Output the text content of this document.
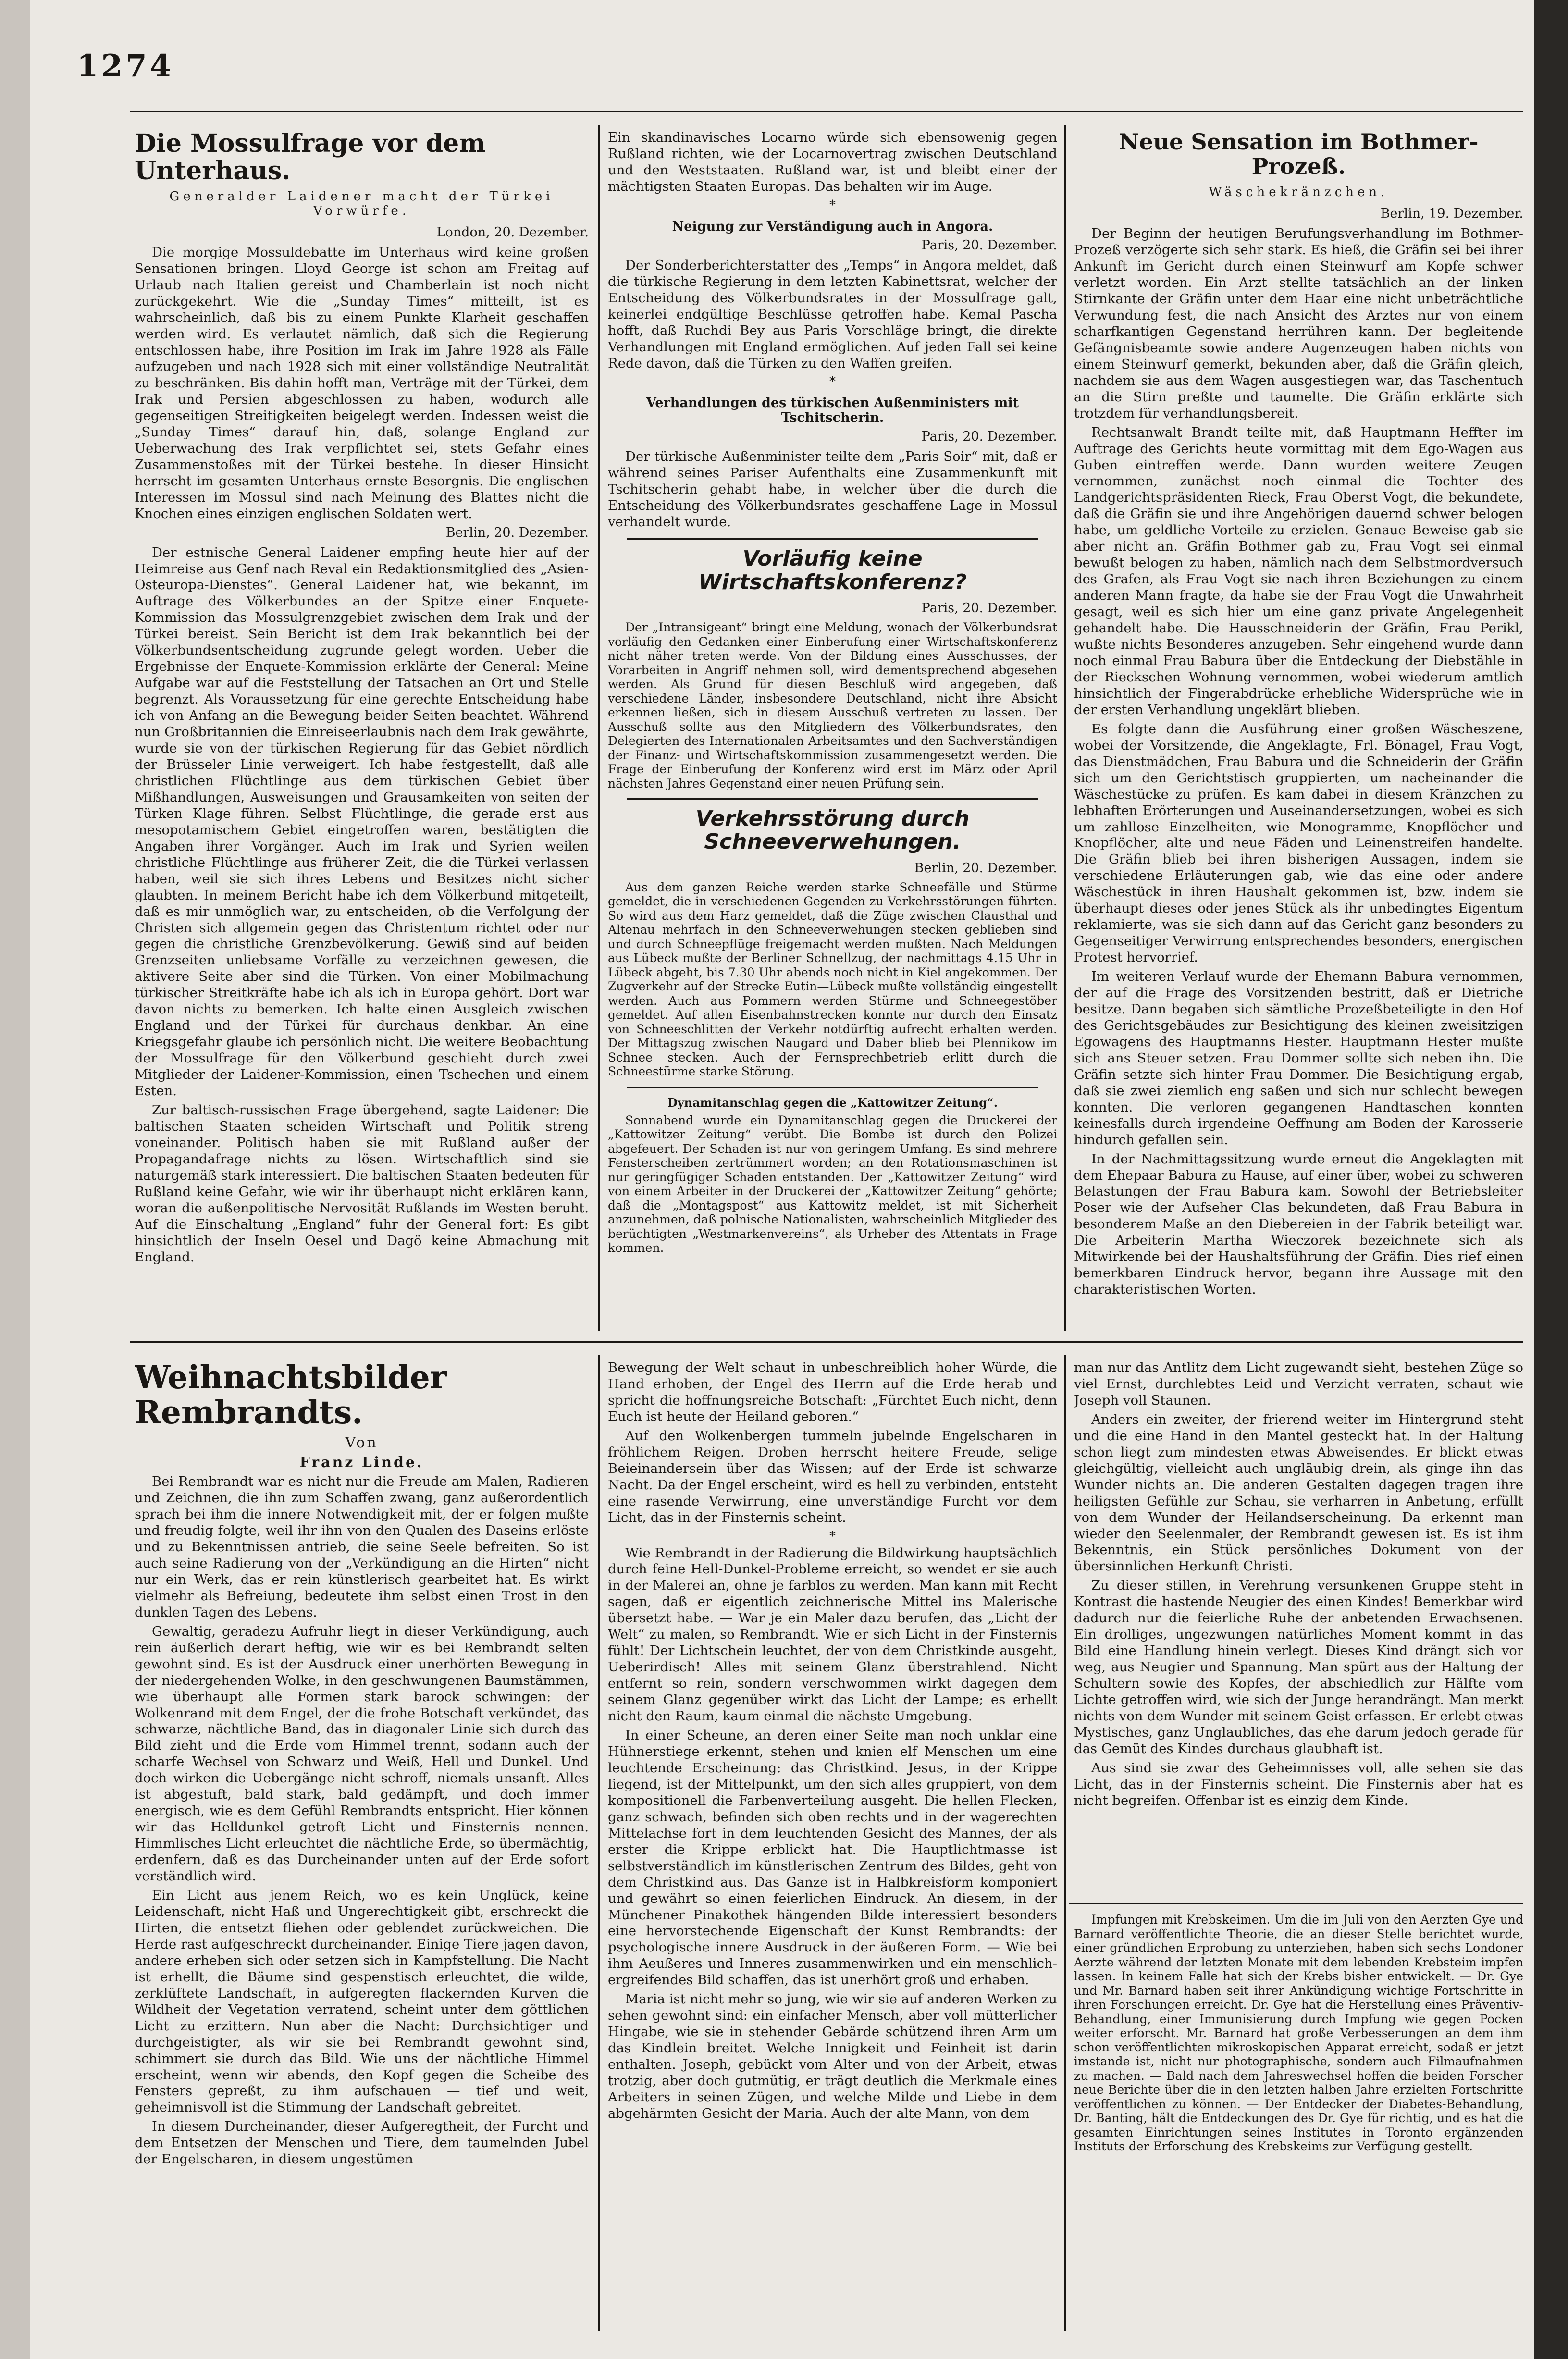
1274
Die Mossulfrage vor dem Unterhaus.
Generalder Laidener macht der Türkei Vorwürfe.
London, 20. Dezember.

Die morgige Mossuldebatte im Unterhaus wird keine großen Sensationen bringen. Lloyd George ist schon am Freitag auf Urlaub nach Italien gereist und Chamberlain ist noch nicht zurückgekehrt. Wie die „Sunday Times“ mitteilt, ist es wahrscheinlich, daß bis zu einem Punkte Klarheit geschaffen werden wird. Es verlautet nämlich, daß sich die Regierung entschlossen habe, ihre Position im Irak im Jahre 1928 als Fälle aufzugeben und nach 1928 sich mit einer vollständige Neutralität zu beschränken. Bis dahin hofft man, Verträge mit der Türkei, dem Irak und Persien abgeschlossen zu haben, wodurch alle gegenseitigen Streitigkeiten beigelegt werden. Indessen weist die „Sunday Times“ darauf hin, daß, solange England zur Ueberwachung des Irak verpflichtet sei, stets Gefahr eines Zusammenstoßes mit der Türkei bestehe. In dieser Hinsicht herrscht im gesamten Unterhaus ernste Besorgnis. Die englischen Interessen im Mossul sind nach Meinung des Blattes nicht die Knochen eines einzigen englischen Soldaten wert.

Berlin, 20. Dezember.

Der estnische General Laidener empfing heute hier auf der Heimreise aus Genf nach Reval ein Redaktionsmitglied des „Asien-Osteuropa-Dienstes“. General Laidener hat, wie bekannt, im Auftrage des Völkerbundes an der Spitze einer Enquete-Kommission das Mossulgrenzgebiet zwischen dem Irak und der Türkei bereist. Sein Bericht ist dem Irak bekanntlich bei der Völkerbundsentscheidung zugrunde gelegt worden. Ueber die Ergebnisse der Enquete-Kommission erklärte der General: Meine Aufgabe war auf die Feststellung der Tatsachen an Ort und Stelle begrenzt. Als Voraussetzung für eine gerechte Entscheidung habe ich von Anfang an die Bewegung beider Seiten beachtet. Während nun Großbritannien die Einreiseerlaubnis nach dem Irak gewährte, wurde sie von der türkischen Regierung für das Gebiet nördlich der Brüsseler Linie verweigert. Ich habe festgestellt, daß alle christlichen Flüchtlinge aus dem türkischen Gebiet über Mißhandlungen, Ausweisungen und Grausamkeiten von seiten der Türken Klage führen. Selbst Flüchtlinge, die gerade erst aus mesopotamischem Gebiet eingetroffen waren, bestätigten die Angaben ihrer Vorgänger. Auch im Irak und Syrien weilen christliche Flüchtlinge aus früherer Zeit, die die Türkei verlassen haben, weil sie sich ihres Lebens und Besitzes nicht sicher glaubten. In meinem Bericht habe ich dem Völkerbund mitgeteilt, daß es mir unmöglich war, zu entscheiden, ob die Verfolgung der Christen sich allgemein gegen das Christentum richtet oder nur gegen die christliche Grenzbevölkerung. Gewiß sind auf beiden Grenzseiten unliebsame Vorfälle zu verzeichnen gewesen, die aktivere Seite aber sind die Türken. Von einer Mobilmachung türkischer Streitkräfte habe ich als ich in Europa gehört. Dort war davon nichts zu bemerken. Ich halte einen Ausgleich zwischen England und der Türkei für durchaus denkbar. An eine Kriegsgefahr glaube ich persönlich nicht. Die weitere Beobachtung der Mossulfrage für den Völkerbund geschieht durch zwei Mitglieder der Laidener-Kommission, einen Tschechen und einem Esten.

Zur baltisch-russischen Frage übergehend, sagte Laidener: Die baltischen Staaten scheiden Wirtschaft und Politik streng voneinander. Politisch haben sie mit Rußland außer der Propagandafrage nichts zu lösen. Wirtschaftlich sind sie naturgemäß stark interessiert. Die baltischen Staaten bedeuten für Rußland keine Gefahr, wie wir ihr überhaupt nicht erklären kann, woran die außenpolitische Nervosität Rußlands im Westen beruht. Auf die Einschaltung „England“ fuhr der General fort: Es gibt hinsichtlich der Inseln Oesel und Dagö keine Abmachung mit England.

Ein skandinavisches Locarno würde sich ebensowenig gegen Rußland richten, wie der Locarnovertrag zwischen Deutschland und den Weststaaten. Rußland war, ist und bleibt einer der mächtigsten Staaten Europas. Das behalten wir im Auge.

*
Neigung zur Verständigung auch in Angora.
Paris, 20. Dezember.

Der Sonderberichterstatter des „Temps“ in Angora meldet, daß die türkische Regierung in dem letzten Kabinettsrat, welcher der Entscheidung des Völkerbundsrates in der Mossulfrage galt, keinerlei endgültige Beschlüsse getroffen habe. Kemal Pascha hofft, daß Ruchdi Bey aus Paris Vorschläge bringt, die direkte Verhandlungen mit England ermöglichen. Auf jeden Fall sei keine Rede davon, daß die Türken zu den Waffen greifen.

*
Verhandlungen des türkischen Außenministers mit Tschitscherin.
Paris, 20. Dezember.

Der türkische Außenminister teilte dem „Paris Soir“ mit, daß er während seines Pariser Aufenthalts eine Zusammenkunft mit Tschitscherin gehabt habe, in welcher über die durch die Entscheidung des Völkerbundsrates geschaffene Lage in Mossul verhandelt wurde.

Vorläufig keine Wirtschaftskonferenz?
Paris, 20. Dezember.

Der „Intransigeant“ bringt eine Meldung, wonach der Völkerbundsrat vorläufig den Gedanken einer Einberufung einer Wirtschaftskonferenz nicht näher treten werde. Von der Bildung eines Ausschusses, der Vorarbeiten in Angriff nehmen soll, wird dementsprechend abgesehen werden. Als Grund für diesen Beschluß wird angegeben, daß verschiedene Länder, insbesondere Deutschland, nicht ihre Absicht erkennen ließen, sich in diesem Ausschuß vertreten zu lassen. Der Ausschuß sollte aus den Mitgliedern des Völkerbundsrates, den Delegierten des Internationalen Arbeitsamtes und den Sachverständigen der Finanz- und Wirtschaftskommission zusammengesetzt werden. Die Frage der Einberufung der Konferenz wird erst im März oder April nächsten Jahres Gegenstand einer neuen Prüfung sein.

Verkehrsstörung durch Schneeverwehungen.
Berlin, 20. Dezember.

Aus dem ganzen Reiche werden starke Schneefälle und Stürme gemeldet, die in verschiedenen Gegenden zu Verkehrsstörungen führten. So wird aus dem Harz gemeldet, daß die Züge zwischen Clausthal und Altenau mehrfach in den Schneeverwehungen stecken geblieben sind und durch Schneepflüge freigemacht werden mußten. Nach Meldungen aus Lübeck mußte der Berliner Schnellzug, der nachmittags 4.15 Uhr in Lübeck abgeht, bis 7.30 Uhr abends noch nicht in Kiel angekommen. Der Zugverkehr auf der Strecke Eutin—Lübeck mußte vollständig eingestellt werden. Auch aus Pommern werden Stürme und Schneegestöber gemeldet. Auf allen Eisenbahnstrecken konnte nur durch den Einsatz von Schneeschlitten der Verkehr notdürftig aufrecht erhalten werden. Der Mittagszug zwischen Naugard und Daber blieb bei Plennikow im Schnee stecken. Auch der Fernsprechbetrieb erlitt durch die Schneestürme starke Störung.

Dynamitanschlag gegen die „Kattowitzer Zeitung“.

Sonnabend wurde ein Dynamitanschlag gegen die Druckerei der „Kattowitzer Zeitung“ verübt. Die Bombe ist durch den Polizei abgefeuert. Der Schaden ist nur von geringem Umfang. Es sind mehrere Fensterscheiben zertrümmert worden; an den Rotationsmaschinen ist nur geringfügiger Schaden entstanden. Der „Kattowitzer Zeitung“ wird von einem Arbeiter in der Druckerei der „Kattowitzer Zeitung“ gehörte; daß die „Montagspost“ aus Kattowitz meldet, ist mit Sicherheit anzunehmen, daß polnische Nationalisten, wahrscheinlich Mitglieder des berüchtigten „Westmarkenvereins“, als Urheber des Attentats in Frage kommen.

Neue Sensation im Bothmer-Prozeß.
Wäschekränzchen.
Berlin, 19. Dezember.

Der Beginn der heutigen Berufungsverhandlung im Bothmer-Prozeß verzögerte sich sehr stark. Es hieß, die Gräfin sei bei ihrer Ankunft im Gericht durch einen Steinwurf am Kopfe schwer verletzt worden. Ein Arzt stellte tatsächlich an der linken Stirnkante der Gräfin unter dem Haar eine nicht unbeträchtliche Verwundung fest, die nach Ansicht des Arztes nur von einem scharfkantigen Gegenstand herrühren kann. Der begleitende Gefängnisbeamte sowie andere Augenzeugen haben nichts von einem Steinwurf gemerkt, bekunden aber, daß die Gräfin gleich, nachdem sie aus dem Wagen ausgestiegen war, das Taschentuch an die Stirn preßte und taumelte. Die Gräfin erklärte sich trotzdem für verhandlungsbereit.

Rechtsanwalt Brandt teilte mit, daß Hauptmann Heffter im Auftrage des Gerichts heute vormittag mit dem Ego-Wagen aus Guben eintreffen werde. Dann wurden weitere Zeugen vernommen, zunächst noch einmal die Tochter des Landgerichtspräsidenten Rieck, Frau Oberst Vogt, die bekundete, daß die Gräfin sie und ihre Angehörigen dauernd schwer belogen habe, um geldliche Vorteile zu erzielen. Genaue Beweise gab sie aber nicht an. Gräfin Bothmer gab zu, Frau Vogt sei einmal bewußt belogen zu haben, nämlich nach dem Selbstmordversuch des Grafen, als Frau Vogt sie nach ihren Beziehungen zu einem anderen Mann fragte, da habe sie der Frau Vogt die Unwahrheit gesagt, weil es sich hier um eine ganz private Angelegenheit gehandelt habe. Die Hausschneiderin der Gräfin, Frau Perikl, wußte nichts Besonderes anzugeben. Sehr eingehend wurde dann noch einmal Frau Babura über die Entdeckung der Diebstähle in der Rieckschen Wohnung vernommen, wobei wiederum amtlich hinsichtlich der Fingerabdrücke erhebliche Widersprüche wie in der ersten Verhandlung ungeklärt blieben.

Es folgte dann die Ausführung einer großen Wäscheszene, wobei der Vorsitzende, die Angeklagte, Frl. Bönagel, Frau Vogt, das Dienstmädchen, Frau Babura und die Schneiderin der Gräfin sich um den Gerichtstisch gruppierten, um nacheinander die Wäschestücke zu prüfen. Es kam dabei in diesem Kränzchen zu lebhaften Erörterungen und Auseinandersetzungen, wobei es sich um zahllose Einzelheiten, wie Monogramme, Knopflöcher und Knopflöcher, alte und neue Fäden und Leinenstreifen handelte. Die Gräfin blieb bei ihren bisherigen Aussagen, indem sie verschiedene Erläuterungen gab, wie das eine oder andere Wäschestück in ihren Haushalt gekommen ist, bzw. indem sie überhaupt dieses oder jenes Stück als ihr unbedingtes Eigentum reklamierte, was sie sich dann auf das Gericht ganz besonders zu Gegenseitiger Verwirrung entsprechendes besonders, energischen Protest hervorrief.

Im weiteren Verlauf wurde der Ehemann Babura vernommen, der auf die Frage des Vorsitzenden bestritt, daß er Dietriche besitze. Dann begaben sich sämtliche Prozeßbeteiligte in den Hof des Gerichtsgebäudes zur Besichtigung des kleinen zweisitzigen Egowagens des Hauptmanns Hester. Hauptmann Hester mußte sich ans Steuer setzen. Frau Dommer sollte sich neben ihn. Die Gräfin setzte sich hinter Frau Dommer. Die Besichtigung ergab, daß sie zwei ziemlich eng saßen und sich nur schlecht bewegen konnten. Die verloren gegangenen Handtaschen konnten keinesfalls durch irgendeine Oeffnung am Boden der Karosserie hindurch gefallen sein.

In der Nachmittagssitzung wurde erneut die Angeklagten mit dem Ehepaar Babura zu Hause, auf einer über, wobei zu schweren Belastungen der Frau Babura kam. Sowohl der Betriebsleiter Poser wie der Aufseher Clas bekundeten, daß Frau Babura in besonderem Maße an den Diebereien in der Fabrik beteiligt war. Die Arbeiterin Martha Wieczorek bezeichnete sich als Mitwirkende bei der Haushaltsführung der Gräfin. Dies rief einen bemerkbaren Eindruck hervor, begann ihre Aussage mit den charakteristischen Worten.

Weihnachtsbilder Rembrandts.
Von
Franz Linde.

Bei Rembrandt war es nicht nur die Freude am Malen, Radieren und Zeichnen, die ihn zum Schaffen zwang, ganz außerordentlich sprach bei ihm die innere Notwendigkeit mit, der er folgen mußte und freudig folgte, weil ihr ihn von den Qualen des Daseins erlöste und zu Bekenntnissen antrieb, die seine Seele befreiten. So ist auch seine Radierung von der „Verkündigung an die Hirten“ nicht nur ein Werk, das er rein künstlerisch gearbeitet hat. Es wirkt vielmehr als Befreiung, bedeutete ihm selbst einen Trost in den dunklen Tagen des Lebens.

Gewaltig, geradezu Aufruhr liegt in dieser Verkündigung, auch rein äußerlich derart heftig, wie wir es bei Rembrandt selten gewohnt sind. Es ist der Ausdruck einer unerhörten Bewegung in der niedergehenden Wolke, in den geschwungenen Baumstämmen, wie überhaupt alle Formen stark barock schwingen: der Wolkenrand mit dem Engel, der die frohe Botschaft verkündet, das schwarze, nächtliche Band, das in diagonaler Linie sich durch das Bild zieht und die Erde vom Himmel trennt, sodann auch der scharfe Wechsel von Schwarz und Weiß, Hell und Dunkel. Und doch wirken die Uebergänge nicht schroff, niemals unsanft. Alles ist abgestuft, bald stark, bald gedämpft, und doch immer energisch, wie es dem Gefühl Rembrandts entspricht. Hier können wir das Helldunkel getroft Licht und Finsternis nennen. Himmlisches Licht erleuchtet die nächtliche Erde, so übermächtig, erdenfern, daß es das Durcheinander unten auf der Erde sofort verständlich wird.

Ein Licht aus jenem Reich, wo es kein Unglück, keine Leidenschaft, nicht Haß und Ungerechtigkeit gibt, erschreckt die Hirten, die entsetzt fliehen oder geblendet zurückweichen. Die Herde rast aufgeschreckt durcheinander. Einige Tiere jagen davon, andere erheben sich oder setzen sich in Kampfstellung. Die Nacht ist erhellt, die Bäume sind gespenstisch erleuchtet, die wilde, zerklüftete Landschaft, in aufgeregten flackernden Kurven die Wildheit der Vegetation verratend, scheint unter dem göttlichen Licht zu erzittern. Nun aber die Nacht: Durchsichtiger und durchgeistigter, als wir sie bei Rembrandt gewohnt sind, schimmert sie durch das Bild. Wie uns der nächtliche Himmel erscheint, wenn wir abends, den Kopf gegen die Scheibe des Fensters gepreßt, zu ihm aufschauen — tief und weit, geheimnisvoll ist die Stimmung der Landschaft gebreitet.

In diesem Durcheinander, dieser Aufgeregtheit, der Furcht und dem Entsetzen der Menschen und Tiere, dem taumelnden Jubel der Engelscharen, in diesem ungestümen

Bewegung der Welt schaut in unbeschreiblich hoher Würde, die Hand erhoben, der Engel des Herrn auf die Erde herab und spricht die hoffnungsreiche Botschaft: „Fürchtet Euch nicht, denn Euch ist heute der Heiland geboren.“

Auf den Wolkenbergen tummeln jubelnde Engelscharen in fröhlichem Reigen. Droben herrscht heitere Freude, selige Beieinandersein über das Wissen; auf der Erde ist schwarze Nacht. Da der Engel erscheint, wird es hell zu verbinden, entsteht eine rasende Verwirrung, eine unverständige Furcht vor dem Licht, das in der Finsternis scheint.

*

Wie Rembrandt in der Radierung die Bildwirkung hauptsächlich durch feine Hell-Dunkel-Probleme erreicht, so wendet er sie auch in der Malerei an, ohne je farblos zu werden. Man kann mit Recht sagen, daß er eigentlich zeichnerische Mittel ins Malerische übersetzt habe. — War je ein Maler dazu berufen, das „Licht der Welt“ zu malen, so Rembrandt. Wie er sich Licht in der Finsternis fühlt! Der Lichtschein leuchtet, der von dem Christkinde ausgeht, Ueberirdisch! Alles mit seinem Glanz überstrahlend. Nicht entfernt so rein, sondern verschwommen wirkt dagegen dem seinem Glanz gegenüber wirkt das Licht der Lampe; es erhellt nicht den Raum, kaum einmal die nächste Umgebung.

In einer Scheune, an deren einer Seite man noch unklar eine Hühnerstiege erkennt, stehen und knien elf Menschen um eine leuchtende Erscheinung: das Christkind. Jesus, in der Krippe liegend, ist der Mittelpunkt, um den sich alles gruppiert, von dem kompositionell die Farbenverteilung ausgeht. Die hellen Flecken, ganz schwach, befinden sich oben rechts und in der wagerechten Mittelachse fort in dem leuchtenden Gesicht des Mannes, der als erster die Krippe erblickt hat. Die Hauptlichtmasse ist selbstverständlich im künstlerischen Zentrum des Bildes, geht von dem Christkind aus. Das Ganze ist in Halbkreisform komponiert und gewährt so einen feierlichen Eindruck. An diesem, in der Münchener Pinakothek hängenden Bilde interessiert besonders eine hervorstechende Eigenschaft der Kunst Rembrandts: der psychologische innere Ausdruck in der äußeren Form. — Wie bei ihm Aeußeres und Inneres zusammenwirken und ein menschlich-ergreifendes Bild schaffen, das ist unerhört groß und erhaben.

Maria ist nicht mehr so jung, wie wir sie auf anderen Werken zu sehen gewohnt sind: ein einfacher Mensch, aber voll mütterlicher Hingabe, wie sie in stehender Gebärde schützend ihren Arm um das Kindlein breitet. Welche Innigkeit und Feinheit ist darin enthalten. Joseph, gebückt vom Alter und von der Arbeit, etwas trotzig, aber doch gutmütig, er trägt deutlich die Merkmale eines Arbeiters in seinen Zügen, und welche Milde und Liebe in dem abgehärmten Gesicht der Maria. Auch der alte Mann, von dem

man nur das Antlitz dem Licht zugewandt sieht, bestehen Züge so viel Ernst, durchlebtes Leid und Verzicht verraten, schaut wie Joseph voll Staunen.

Anders ein zweiter, der frierend weiter im Hintergrund steht und die eine Hand in den Mantel gesteckt hat. In der Haltung schon liegt zum mindesten etwas Abweisendes. Er blickt etwas gleichgültig, vielleicht auch ungläubig drein, als ginge ihn das Wunder nichts an. Die anderen Gestalten dagegen tragen ihre heiligsten Gefühle zur Schau, sie verharren in Anbetung, erfüllt von dem Wunder der Heilandserscheinung. Da erkennt man wieder den Seelenmaler, der Rembrandt gewesen ist. Es ist ihm Bekenntnis, ein Stück persönliches Dokument von der übersinnlichen Herkunft Christi.

Zu dieser stillen, in Verehrung versunkenen Gruppe steht in Kontrast die hastende Neugier des einen Kindes! Bemerkbar wird dadurch nur die feierliche Ruhe der anbetenden Erwachsenen. Ein drolliges, ungezwungen natürliches Moment kommt in das Bild eine Handlung hinein verlegt. Dieses Kind drängt sich vor weg, aus Neugier und Spannung. Man spürt aus der Haltung der Schultern sowie des Kopfes, der abschiedlich zur Hälfte vom Lichte getroffen wird, wie sich der Junge herandrängt. Man merkt nichts von dem Wunder mit seinem Geist erfassen. Er erlebt etwas Mystisches, ganz Unglaubliches, das ehe darum jedoch gerade für das Gemüt des Kindes durchaus glaubhaft ist.

Aus sind sie zwar des Geheimnisses voll, alle sehen sie das Licht, das in der Finsternis scheint. Die Finsternis aber hat es nicht begreifen. Offenbar ist es einzig dem Kinde.

Impfungen mit Krebskeimen. Um die im Juli von den Aerzten Gye und Barnard veröffentlichte Theorie, die an dieser Stelle berichtet wurde, einer gründlichen Erprobung zu unterziehen, haben sich sechs Londoner Aerzte während der letzten Monate mit dem lebenden Krebsteim impfen lassen. In keinem Falle hat sich der Krebs bisher entwickelt. — Dr. Gye und Mr. Barnard haben seit ihrer Ankündigung wichtige Fortschritte in ihren Forschungen erreicht. Dr. Gye hat die Herstellung eines Präventiv-Behandlung, einer Immunisierung durch Impfung wie gegen Pocken weiter erforscht. Mr. Barnard hat große Verbesserungen an dem ihm schon veröffentlichten mikroskopischen Apparat erreicht, sodaß er jetzt imstande ist, nicht nur photographische, sondern auch Filmaufnahmen zu machen. — Bald nach dem Jahreswechsel hoffen die beiden Forscher neue Berichte über die in den letzten halben Jahre erzielten Fortschritte veröffentlichen zu können. — Der Entdecker der Diabetes-Behandlung, Dr. Banting, hält die Entdeckungen des Dr. Gye für richtig, und es hat die gesamten Einrichtungen seines Institutes in Toronto ergänzenden Instituts der Erforschung des Krebskeims zur Verfügung gestellt.
